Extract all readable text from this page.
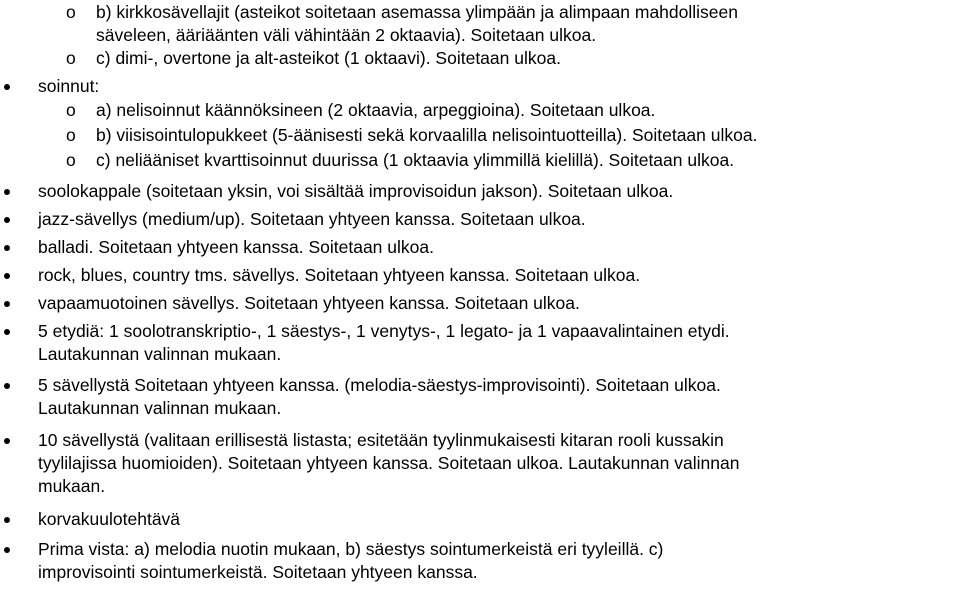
o b) kirkkosävellajit (asteikot soitetaan asemassa ylimpään ja alimpaan mahdolliseen
säveleen, ääriäänten väli vähintään 2 oktaavia). Soitetaan ulkoa.
o c) dimi-, overtone ja alt-asteikot (1 oktaavi). Soitetaan ulkoa.
soinnut:
o a) nelisoinnut käännöksineen (2 oktaavia, arpeggioina). Soitetaan ulkoa.
o b) viisisointulopukkeet (5-äänisesti sekä korvaalilla nelisointuotteilla). Soitetaan ulkoa.
o c) neliääniset kvarttisoinnut duurissa (1 oktaavia ylimmillä kielillä). Soitetaan ulkoa.
soolokappale (soitetaan yksin, voi sisältää improvisoidun jakson). Soitetaan ulkoa.
jazz-sävellys (medium/up). Soitetaan yhtyeen kanssa. Soitetaan ulkoa.
balladi. Soitetaan yhtyeen kanssa. Soitetaan ulkoa.
rock, blues, country tms. sävellys. Soitetaan yhtyeen kanssa. Soitetaan ulkoa.
vapaamuotoinen sävellys. Soitetaan yhtyeen kanssa. Soitetaan ulkoa.
5 etydiä: 1 soolotranskriptio-, 1 säestys-, 1 venytys-, 1 legato- ja 1 vapaavalintainen etydi.
Lautakunnan valinnan mukaan.
5 sävellystä Soitetaan yhtyeen kanssa. (melodia-säestys-improvisointi). Soitetaan ulkoa.
Lautakunnan valinnan mukaan.
10 sävellystä (valitaan erillisestä listasta; esitetään tyylinmukaisesti kitaran rooli kussakin
tyylilajissa huomioiden). Soitetaan yhtyeen kanssa. Soitetaan ulkoa. Lautakunnan valinnan
mukaan.
korvakuulotehtävä
Prima vista: a) melodia nuotin mukaan, b) säestys sointumerkeistä eri tyyleillä. c)
improvisointi sointumerkeistä. Soitetaan yhtyeen kanssa.
